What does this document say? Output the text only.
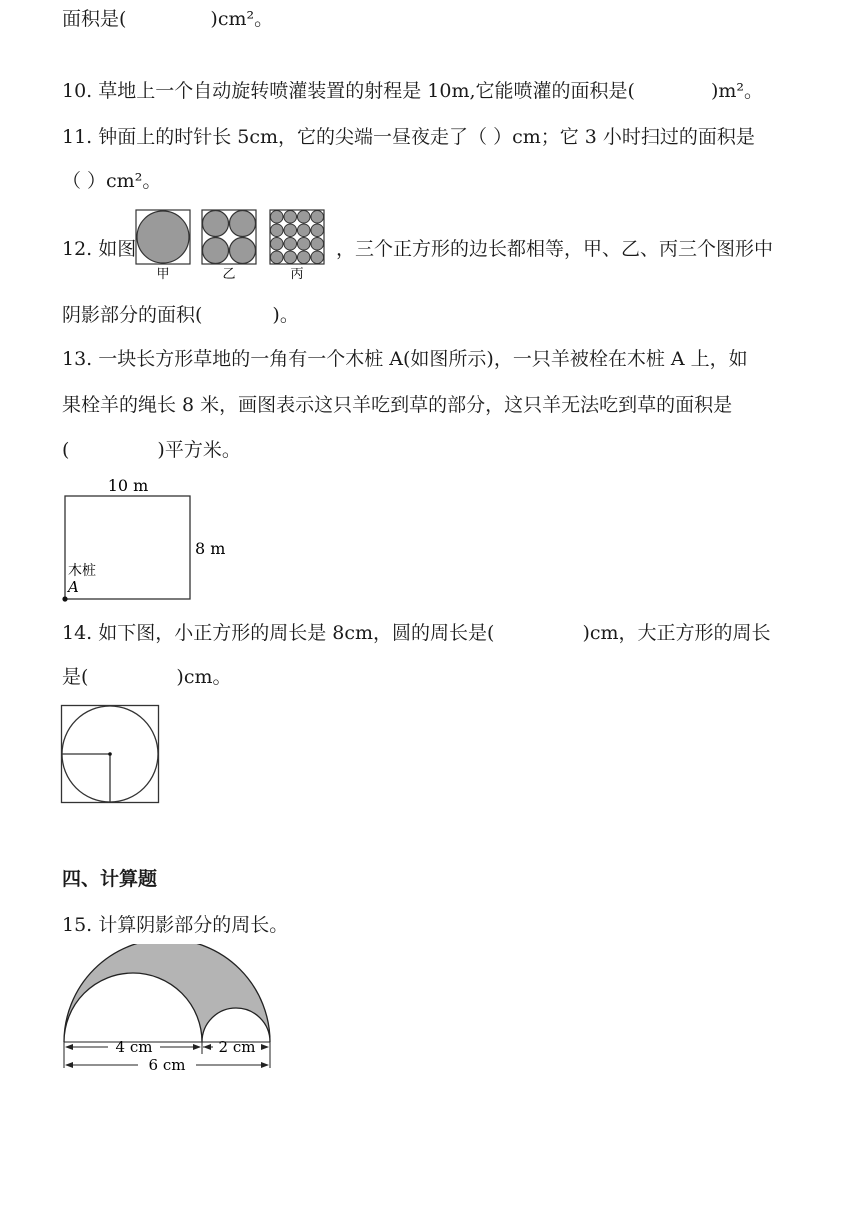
面积是(	)cm²。
10. 草地上一个自动旋转喷灌装置的射程是 10m,它能喷灌的面积是(	)m²。
11. 钟面上的时针长 5cm，它的尖端一昼夜走了（ ）cm；它 3 小时扫过的面积是
（ ）cm²。
12. 如图
甲	乙	丙
，三个正方形的边长都相等，甲、乙、丙三个图形中
阴影部分的面积(	)。
13. 一块长方形草地的一角有一个木桩 A(如图所示)，一只羊被栓在木桩 A 上，如
果栓羊的绳长 8 米，画图表示这只羊吃到草的部分，这只羊无法吃到草的面积是
(	)平方米。
10 m
8 m
木桩
A
14. 如下图，小正方形的周长是 8cm，圆的周长是(	)cm，大正方形的周长
是(	)cm。
四、计算题
15. 计算阴影部分的周长。
4 cm	2 cm
6 cm
